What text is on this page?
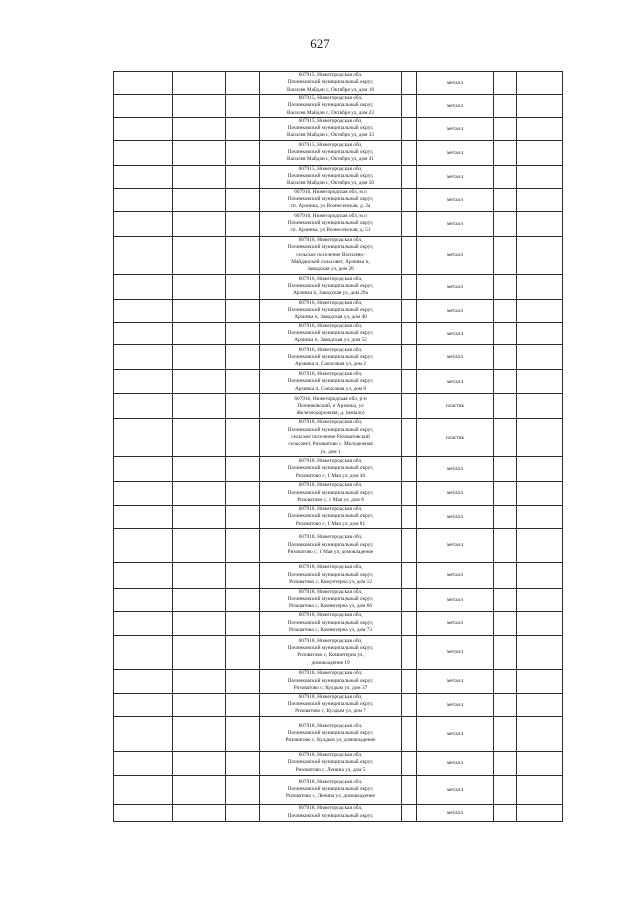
627

			607915, Нижегородская обл.
Починковский муниципальный округ,
Василев Майдан с, Октября ул, дом 18		металл		

			607915, Нижегородская обл,
Починковский муниципальный округ,
Василев Майдан с, Октября ул, дом 23		металл		

			607915, Нижегородская обл,
Починковский муниципальный округ,
Василев Майдан с, Октября ул, дом 33		металл		

			607915, Нижегородская обл,
Починковский муниципальный округ,
Василев Майдан с, Октября ул, дом 41		металл		

			607915, Нижегородская обл,
Починковский муниципальный округ,
Василев Майдан с, Октября ул, дом 50		металл		

			607916, Нижегородская обл, м.о
Починковский муниципальный округ,
сп. Арзинка, ул Вознесенская, д. 2а		металл		

			607916, Нижегородская обл, м.о
Починковский муниципальный округ,
сп. Арзинка, ул Вознесенская, д. 51		металл		

			607916, Нижегородская обл,
Починковский муниципальный округ,
сельское поселение Василево-
Майданский сельсовет, Арзинка п,
Заводская ул, дом 28		металл		

			607916, Нижегородская обл,
Починковский муниципальный округ,
Арзинка п, Заводская ул, дом 29а		металл		

			607916, Нижегородская обл,
Починковский муниципальный округ,
Арзинка п, Заводская ул, дом 40		металл		

			607916, Нижегородская обл,
Починковский муниципальный округ,
Арзинка п, Заводская ул, дом 52		металл		

			607916, Нижегородская обл,
Починковский муниципальный округ,
Арзинка п, Совхозная ул, дом 2		металл		

			607916, Нижегородская обл,
Починковский муниципальный округ,
Арзинка п, Совхозная ул, дом 6		металл		

			607916, Нижегородская обл, р-н
Починковский, п Арзинка, ул
Железнодорожная, д. (начало)		пластик		

			607918, Нижегородская обл,
Починковский муниципальный округ,
сельское поселение Ризоватовский
сельсовет, Ризоватово с, Молодежная
ул, дом 1		пластик		

			607918, Нижегородская обл,
Починковский муниципальный округ,
Ризоватово с, 1 Мая ул, дом 40		металл		

			607918, Нижегородская обл,
Починковский муниципальный округ,
Ризоватово с, 1 Мая ул, дом 8		металл		

			607918, Нижегородская обл,
Починковский муниципальный округ,
Ризоватово с, 1 Мая ул, дом 81		металл		

			607918, Нижегородская обл,
Починковский муниципальный округ,
Ризоватово с, 1 Мая ул, домовладение		металл		

			607918, Нижегородская обл,
Починковский муниципальный округ,
Ризоватово с, Комунтерна ул, дом 12		металл		

			607918, Нижегородская обл,
Починковский муниципальный округ,
Ризоватово с, Коминтерна ул, дом 66		металл		

			607918, Нижегородская обл,
Починковский муниципальный округ,
Ризоватово с, Коминтерна ул, дом 73		металл		

			607918, Нижегородская обл,
Починковский муниципальный округ,
Ризоватово с, Коминтерна ул,
домовладение 19		металл		

			607918, Нижегородская обл,
Починковский муниципальный округ,
Ризоватово с, Кулдым ул, дом 37		металл		

			607918, Нижегородская обл,
Починковский муниципальный округ,
Ризоватово с, Кулдым ул, дом 7		металл		

			607918, Нижегородская обл,
Починковский муниципальный округ,
Ризоватово с, Кулдым ул, домовладение		металл		

			607918, Нижегородская обл,
Починковский муниципальный округ,
Ризоватово с, Ленина ул, дом 5		металл		

			607918, Нижегородская обл,
Починковский муниципальный округ,
Ризоватово с, Ленина ул, домовладение		металл		

			607918, Нижегородская обл,
Починковский муниципальный округ,		металл		
